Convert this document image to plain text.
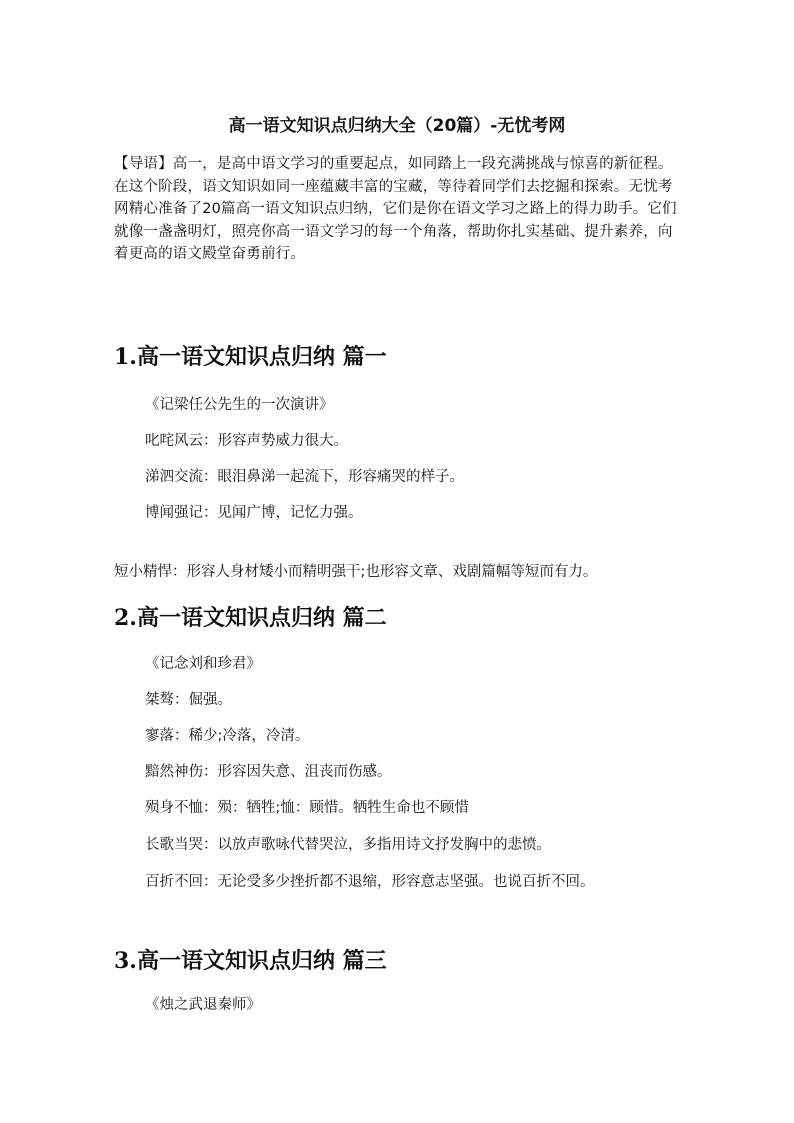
高一语文知识点归纳大全（20篇）-无忧考网
【导语】高一，是高中语文学习的重要起点，如同踏上一段充满挑战与惊喜的新征程。在这个阶段，语文知识如同一座蕴藏丰富的宝藏，等待着同学们去挖掘和探索。无忧考网精心准备了20篇高一语文知识点归纳，它们是你在语文学习之路上的得力助手。它们就像一盏盏明灯，照亮你高一语文学习的每一个角落，帮助你扎实基础、提升素养，向着更高的语文殿堂奋勇前行。
1.高一语文知识点归纳 篇一
《记梁任公先生的一次演讲》
叱咤风云：形容声势威力很大。
涕泗交流：眼泪鼻涕一起流下，形容痛哭的样子。
博闻强记：见闻广博，记忆力强。
短小精悍：形容人身材矮小而精明强干;也形容文章、戏剧篇幅等短而有力。
2.高一语文知识点归纳 篇二
《记念刘和珍君》
桀骜：倔强。
寥落：稀少;冷落，冷清。
黯然神伤：形容因失意、沮丧而伤感。
殒身不恤：殒：牺牲;恤：顾惜。牺牲生命也不顾惜
长歌当哭：以放声歌咏代替哭泣，多指用诗文抒发胸中的悲愤。
百折不回：无论受多少挫折都不退缩，形容意志坚强。也说百折不回。
3.高一语文知识点归纳 篇三
《烛之武退秦师》
